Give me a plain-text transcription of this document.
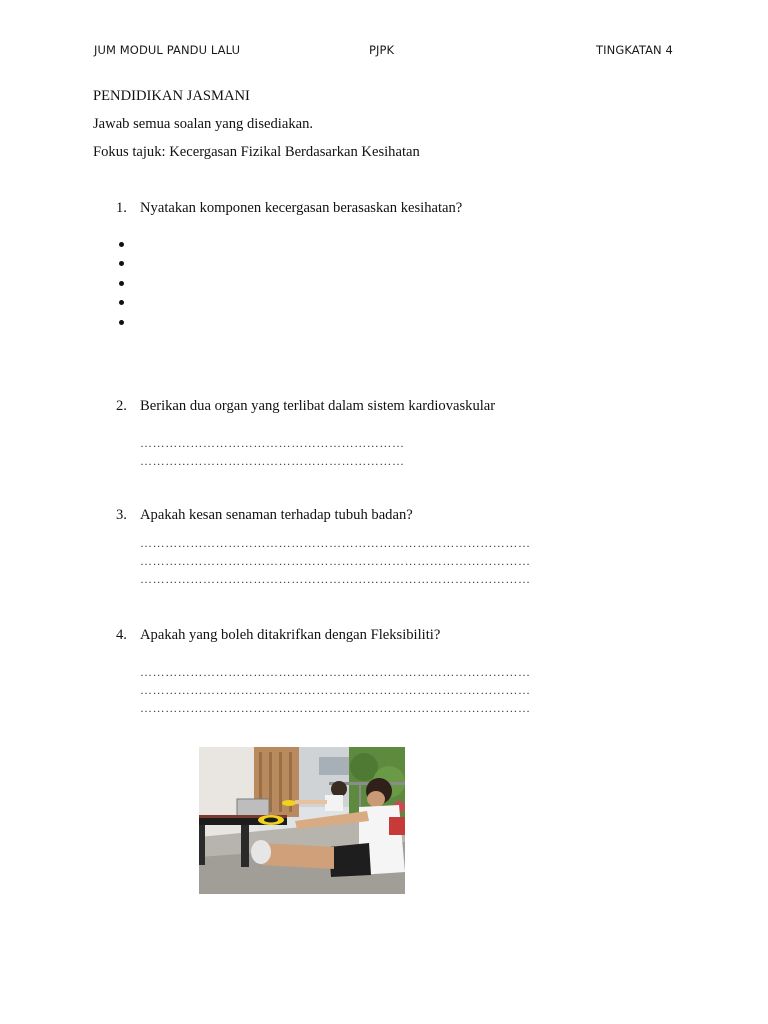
JUM MODUL PANDU LALU	PJPK	TINGKATAN 4
PENDIDIKAN JASMANI
Jawab semua soalan yang disediakan.
Fokus tajuk: Kecergasan Fizikal Berdasarkan Kesihatan
1. Nyatakan komponen kecergasan berasaskan kesihatan?
2. Berikan dua organ yang terlibat dalam sistem kardiovaskular
………………………………………………………
………………………………………………………
3. Apakah kesan senaman terhadap tubuh badan?
…………………………………………………………………………………
…………………………………………………………………………………
…………………………………………………………………………………
4. Apakah yang boleh ditakrifkan dengan Fleksibiliti?
…………………………………………………………………………………
…………………………………………………………………………………
…………………………………………………………………………………
